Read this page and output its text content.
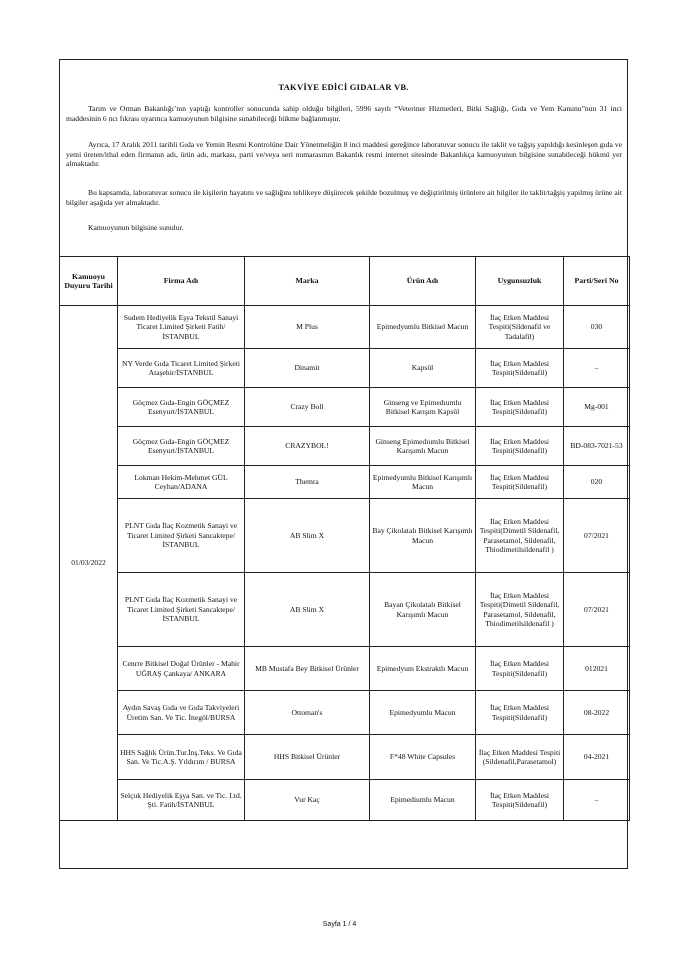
TAKVİYE EDİCİ GIDALAR VB.

Tarım ve Orman Bakanlığı’nın yaptığı kontroller sonucunda sahip olduğu bilgileri, 5996 sayılı “Veteriner Hizmetleri, Bitki Sağlığı, Gıda ve Yem Kanunu”nun 31 inci maddesinin 6 ncı fıkrası uyarınca kamuoyunun bilgisine sunabileceği hükme bağlanmıştır.

Ayrıca, 17 Aralık 2011 tarihli Gıda ve Yemin Resmi Kontrolüne Dair Yönetmeliğin 8 inci maddesi gereğince laboratuvar sonucu ile taklit ve tağşiş yapıldığı kesinleşen gıda ve yemi üreten/ithal eden firmanın adı, ürün adı, markası, parti ve/veya seri numarasının Bakanlık resmi internet sitesinde Bakanlıkça kamuoyunun bilgisine sunabileceği hükmü yer almaktadır.

Bu kapsamda, laboratuvar sonucu ile kişilerin hayatını ve sağlığını tehlikeye düşürecek şekilde bozulmuş ve değiştirilmiş ürünlere ait bilgiler ile taklit/tağşiş yapılmış ürüne ait bilgiler aşağıda yer almaktadır.

Kamuoyunun bilgisine sunulur.

Kamuoyu Duyuru Tarihi	Firma Adı	Marka	Ürün Adı	Uygunsuzluk	Parti/Seri No
01/03/2022	Sudem Hediyelik Eşya Tekstil Sanayi Ticaret Limited Şirketi Fatih/İSTANBUL	M Plus	Epimedyumlu Bitkisel Macun	İlaç Etken Maddesi Tespiti(Sildenafil ve Tadalafil)	030
	NY Verde Gıda Ticaret Limited Şirketi Ataşehir/İSTANBUL	Dinamit	Kapsül	İlaç Etken Maddesi Tespiti(Sildenafil)	–
	Göçmez Gıda-Engin GÖÇMEZ Esenyurt/İSTANBUL	Crazy Boll	Ginseng ve Epimedıumlu Bitkisel Karışım Kapsül	İlaç Etken Maddesi Tespiti(Sildenafil)	Mg-001
	Göçmez Gıda-Engin GÖÇMEZ Esenyurt/İSTANBUL	CRAZYBOL!	Ginseng Epimedıumlu Bitkisel Karışımlı Macun	İlaç Etken Maddesi Tespiti(Sildenafil)	BD-083-7021-53
	Lokman Hekim-Mehmet GÜL Ceyhan/ADANA	Themra	Epimedyumlu Bitkisel Karışımlı Macun	İlaç Etken Maddesi Tespiti(Sildenafil)	020
	PLNT Gıda İlaç Kozmetik Sanayi ve Ticaret Limited Şirketi Sancaktepe/İSTANBUL	AB Slim X	Bay Çikolatalı Bitkisel Karışımlı Macun	İlaç Etken Maddesi Tespiti(Dimetil Sildenafil, Parasetamol, Sildenafil, Thiodimetilsildenafil )	07/2021
	PLNT Gıda İlaç Kozmetik Sanayi ve Ticaret Limited Şirketi Sancaktepe/İSTANBUL	AB Slim X	Bayan Çikolatalı Bitkisel Karışımlı Macun	İlaç Etken Maddesi Tespiti(Dimetil Sildenafil, Parasetamol, Sildenafil, Thiodimetilsildenafil )	07/2021
	Cenrre Bitkisel Doğal Ürünler - Mahir UĞRAŞ Çankaya/ ANKARA	MB Mustafa Bey Bitkisel Ürünler	Epimedyum Ekstraktlı Macun	İlaç Etken Maddesi Tespiti(Sildenafil)	012021
	Aydın Savaş Gıda ve Gıda Takviyeleri Üretim San. Ve Tic. İnegöl/BURSA	Ottoman's	Epimedyumlu Macun	İlaç Etken Maddesi Tespiti(Sildenafil)	08-2022
	HHS Sağlık Ürün.Tur.İnş.Teks. Ve Gıda San. Ve Tic.A.Ş. Yıldırım / BURSA	HHS Bitkisel Ürünler	F*48 White Capsules	İlaç Etken Maddesi Tespiti (Sildenafil,Parasetamol)	04-2021
	Selçuk Hediyelik Eşya San. ve Tic. Ltd. Şti. Fatih/İSTANBUL	Vur Kaç	Epimediumlu Macun	İlaç Etken Maddesi Tespiti(Sildenafil)	–
Sayfa 1 / 4
